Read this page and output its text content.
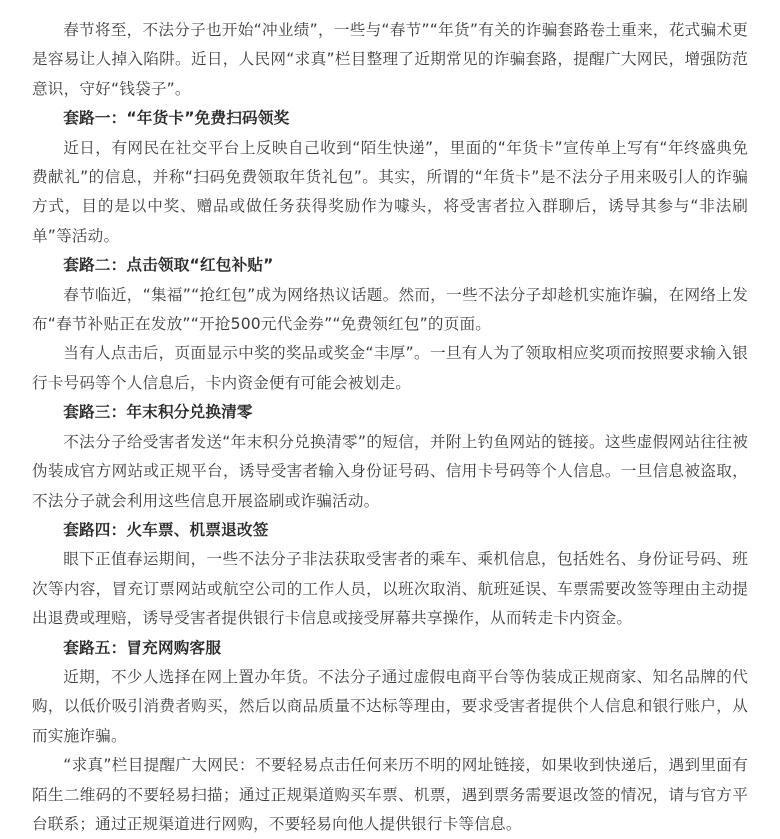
春节将至，不法分子也开始“冲业绩”，一些与“春节”“年货”有关的诈骗套路卷土重来，花式骗术更是容易让人掉入陷阱。近日，人民网“求真”栏目整理了近期常见的诈骗套路，提醒广大网民，增强防范意识，守好“钱袋子”。

套路一：“年货卡”免费扫码领奖

近日，有网民在社交平台上反映自己收到“陌生快递”，里面的“年货卡”宣传单上写有“年终盛典免费献礼”的信息，并称“扫码免费领取年货礼包”。其实，所谓的“年货卡”是不法分子用来吸引人的诈骗方式，目的是以中奖、赠品或做任务获得奖励作为噱头，将受害者拉入群聊后，诱导其参与“非法刷单”等活动。

套路二：点击领取“红包补贴”

春节临近，“集福”“抢红包”成为网络热议话题。然而，一些不法分子却趁机实施诈骗，在网络上发布“春节补贴正在发放”“开抢500元代金券”“免费领红包”的页面。

当有人点击后，页面显示中奖的奖品或奖金“丰厚”。一旦有人为了领取相应奖项而按照要求输入银行卡号码等个人信息后，卡内资金便有可能会被划走。

套路三：年末积分兑换清零

不法分子给受害者发送“年末积分兑换清零”的短信，并附上钓鱼网站的链接。这些虚假网站往往被伪装成官方网站或正规平台，诱导受害者输入身份证号码、信用卡号码等个人信息。一旦信息被盗取，不法分子就会利用这些信息开展盗刷或诈骗活动。

套路四：火车票、机票退改签

眼下正值春运期间，一些不法分子非法获取受害者的乘车、乘机信息，包括姓名、身份证号码、班次等内容，冒充订票网站或航空公司的工作人员，以班次取消、航班延误、车票需要改签等理由主动提出退费或理赔，诱导受害者提供银行卡信息或接受屏幕共享操作，从而转走卡内资金。

套路五：冒充网购客服

近期，不少人选择在网上置办年货。不法分子通过虚假电商平台等伪装成正规商家、知名品牌的代购，以低价吸引消费者购买，然后以商品质量不达标等理由，要求受害者提供个人信息和银行账户，从而实施诈骗。

“求真”栏目提醒广大网民：不要轻易点击任何来历不明的网址链接，如果收到快递后，遇到里面有陌生二维码的不要轻易扫描；通过正规渠道购买车票、机票，遇到票务需要退改签的情况，请与官方平台联系；通过正规渠道进行网购，不要轻易向他人提供银行卡等信息。
